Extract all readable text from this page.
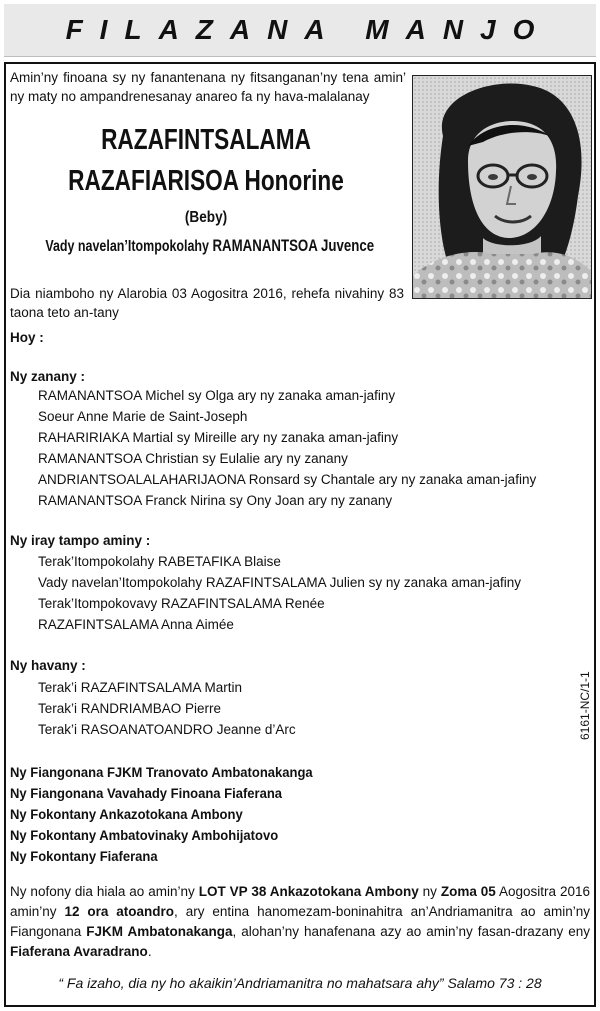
FILAZANA MANJO
Amin’ny finoana sy ny fanantenana ny fitsanganan’ny tena amin’ ny maty no ampandrenesanay anareo fa ny hava-malalanay
RAZAFINTSALAMA
RAZAFIARISOA Honorine
(Beby)
Vady navelan’Itompokolahy RAMANANTSOA Juvence
Dia niamboho ny Alarobia 03 Aogositra 2016, rehefa nivahiny 83 taona teto an-tany
Hoy :
Ny zanany :
RAMANANTSOA Michel sy Olga ary ny zanaka aman-jafiny
Soeur Anne Marie de Saint-Joseph
RAHARIRIAKA Martial sy Mireille ary ny zanaka aman-jafiny
RAMANANTSOA Christian sy Eulalie ary ny zanany
ANDRIANTSOALALAHARIJAONA Ronsard sy Chantale ary ny zanaka aman-jafiny
RAMANANTSOA Franck Nirina sy Ony Joan ary ny zanany
Ny iray tampo aminy :
Terak’Itompokolahy RABETAFIKA Blaise
Vady navelan’Itompokolahy RAZAFINTSALAMA Julien sy ny zanaka aman-jafiny
Terak’Itompokovavy RAZAFINTSALAMA Renée
RAZAFINTSALAMA Anna Aimée
Ny havany :
Terak’i RAZAFINTSALAMA Martin
Terak’i RANDRIAMBAO Pierre
Terak’i RASOANATOANDRO Jeanne d’Arc	6161-NC/1-1
Ny Fiangonana FJKM Tranovato Ambatonakanga
Ny Fiangonana Vavahady Finoana Fiaferana
Ny Fokontany Ankazotokana Ambony
Ny Fokontany Ambatovinaky Ambohijatovo
Ny Fokontany Fiaferana
Ny nofony dia hiala ao amin’ny LOT VP 38 Ankazotokana Ambony ny Zoma 05 Aogositra 2016 amin’ny 12 ora atoandro, ary entina hanomezam-boninahitra an’Andriamanitra ao amin’ny Fiangonana FJKM Ambatonakanga, alohan’ny hanafenana azy ao amin’ny fasan-drazany eny Fiaferana Avaradrano.
“ Fa izaho, dia ny ho akaikin’Andriamanitra no mahatsara ahy” Salamo 73 : 28
